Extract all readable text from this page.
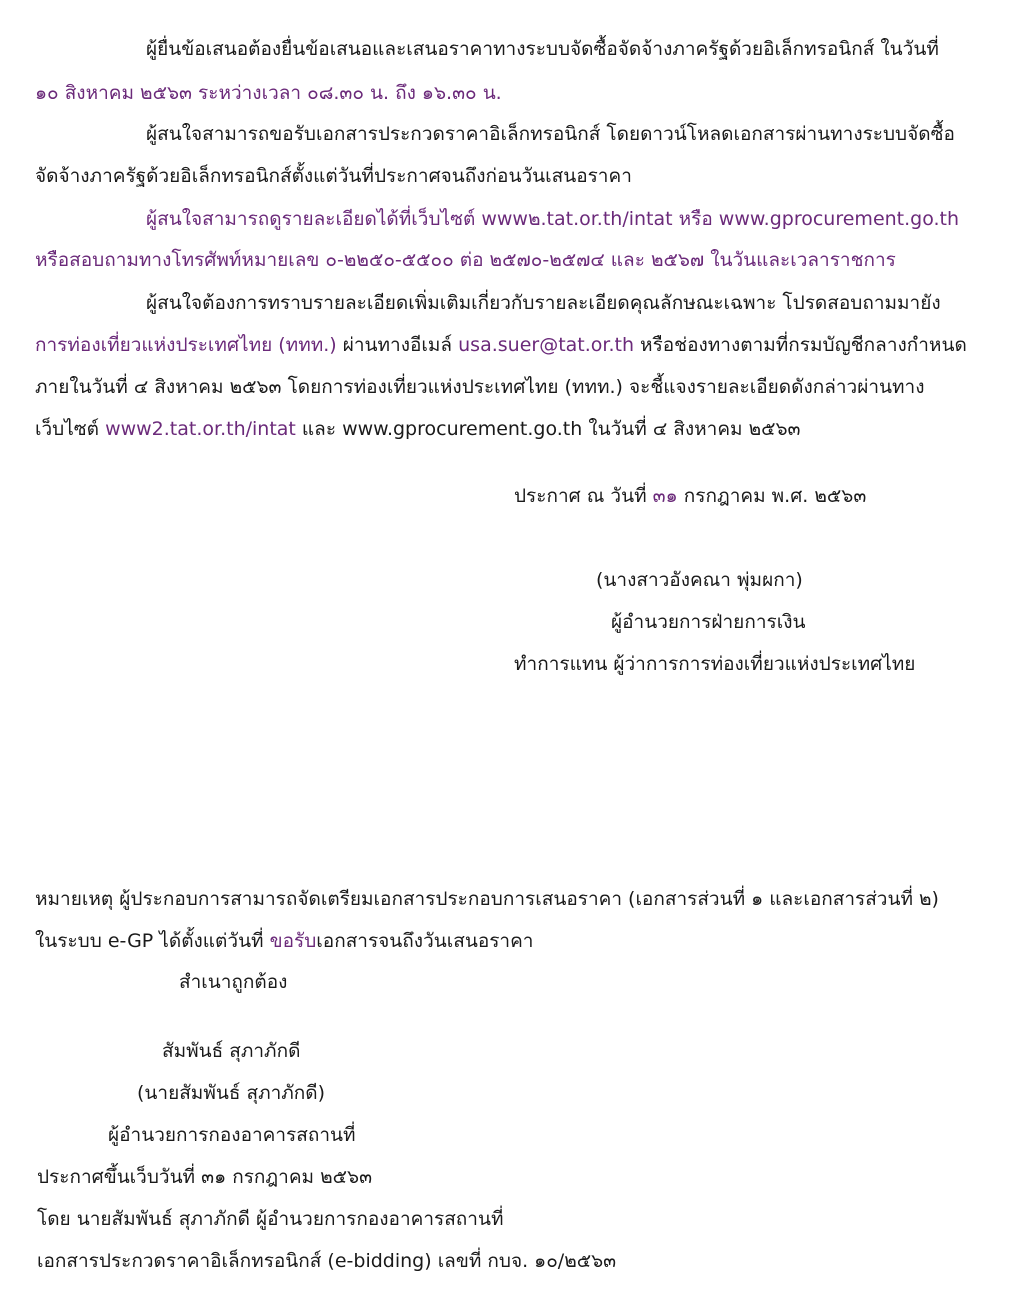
ผู้ยื่นข้อเสนอต้องยื่นข้อเสนอและเสนอราคาทางระบบจัดซื้อจัดจ้างภาครัฐด้วยอิเล็กทรอนิกส์ ในวันที่
๑๐ สิงหาคม ๒๕๖๓ ระหว่างเวลา ๐๘.๓๐ น. ถึง ๑๖.๓๐ น.
ผู้สนใจสามารถขอรับเอกสารประกวดราคาอิเล็กทรอนิกส์ โดยดาวน์โหลดเอกสารผ่านทางระบบจัดซื้อ
จัดจ้างภาครัฐด้วยอิเล็กทรอนิกส์ตั้งแต่วันที่ประกาศจนถึงก่อนวันเสนอราคา
ผู้สนใจสามารถดูรายละเอียดได้ที่เว็บไซต์ www๒.tat.or.th/intat หรือ www.gprocurement.go.th
หรือสอบถามทางโทรศัพท์หมายเลข ๐-๒๒๕๐-๕๕๐๐ ต่อ ๒๕๗๐-๒๕๗๔ และ ๒๕๖๗ ในวันและเวลาราชการ
ผู้สนใจต้องการทราบรายละเอียดเพิ่มเติมเกี่ยวกับรายละเอียดคุณลักษณะเฉพาะ โปรดสอบถามมายัง
การท่องเที่ยวแห่งประเทศไทย (ททท.) ผ่านทางอีเมล์ usa.suer@tat.or.th หรือช่องทางตามที่กรมบัญชีกลางกำหนด
ภายในวันที่ ๔ สิงหาคม ๒๕๖๓ โดยการท่องเที่ยวแห่งประเทศไทย (ททท.) จะชี้แจงรายละเอียดดังกล่าวผ่านทาง
เว็บไซต์ www2.tat.or.th/intat และ www.gprocurement.go.th ในวันที่ ๔ สิงหาคม ๒๕๖๓
ประกาศ ณ วันที่ ๓๑ กรกฎาคม พ.ศ. ๒๕๖๓
(นางสาวอังคณา พุ่มผกา)
ผู้อำนวยการฝ่ายการเงิน
ทำการแทน ผู้ว่าการการท่องเที่ยวแห่งประเทศไทย
หมายเหตุ ผู้ประกอบการสามารถจัดเตรียมเอกสารประกอบการเสนอราคา (เอกสารส่วนที่ ๑ และเอกสารส่วนที่ ๒)
ในระบบ e-GP ได้ตั้งแต่วันที่ ขอรับเอกสารจนถึงวันเสนอราคา
สำเนาถูกต้อง
สัมพันธ์ สุภาภักดี
(นายสัมพันธ์ สุภาภักดี)
ผู้อำนวยการกองอาคารสถานที่
ประกาศขึ้นเว็บวันที่ ๓๑ กรกฎาคม ๒๕๖๓
โดย นายสัมพันธ์ สุภาภักดี ผู้อำนวยการกองอาคารสถานที่
เอกสารประกวดราคาอิเล็กทรอนิกส์ (e-bidding) เลขที่ กบจ. ๑๐/๒๕๖๓
